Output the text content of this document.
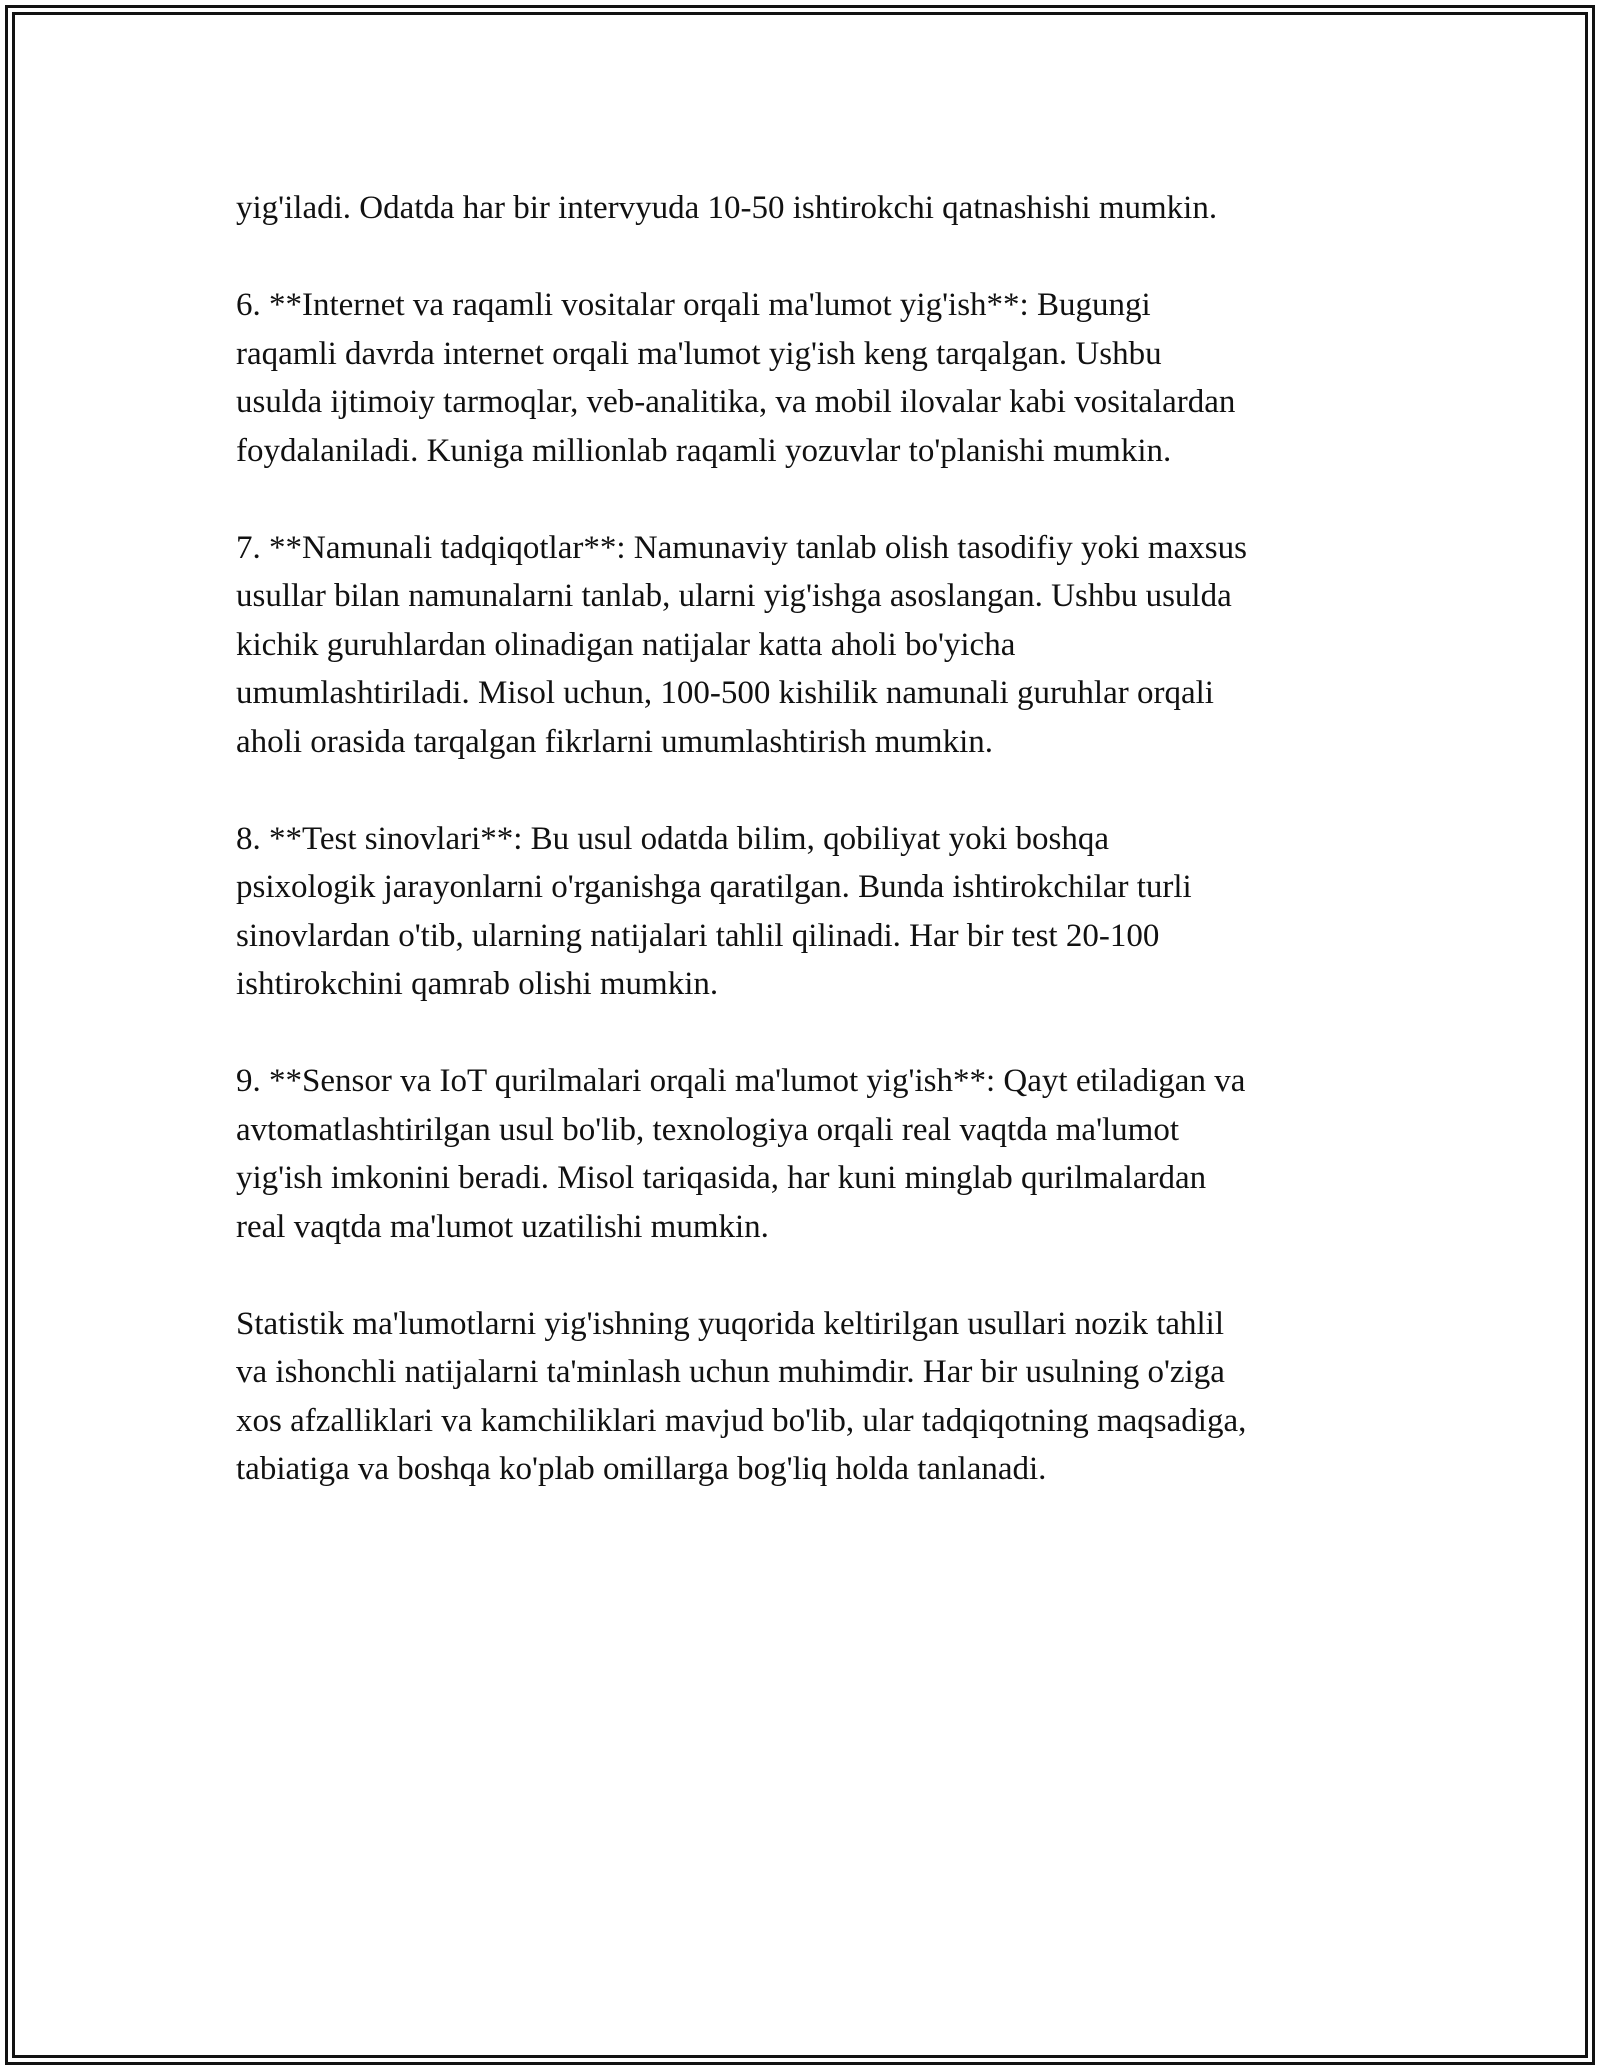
yig'iladi. Odatda har bir intervyuda 10-50 ishtirokchi qatnashishi mumkin.

6. **Internet va raqamli vositalar orqali ma'lumot yig'ish**: Bugungi
raqamli davrda internet orqali ma'lumot yig'ish keng tarqalgan. Ushbu
usulda ijtimoiy tarmoqlar, veb-analitika, va mobil ilovalar kabi vositalardan
foydalaniladi. Kuniga millionlab raqamli yozuvlar to'planishi mumkin.

7. **Namunali tadqiqotlar**: Namunaviy tanlab olish tasodifiy yoki maxsus
usullar bilan namunalarni tanlab, ularni yig'ishga asoslangan. Ushbu usulda
kichik guruhlardan olinadigan natijalar katta aholi bo'yicha
umumlashtiriladi. Misol uchun, 100-500 kishilik namunali guruhlar orqali
aholi orasida tarqalgan fikrlarni umumlashtirish mumkin.

8. **Test sinovlari**: Bu usul odatda bilim, qobiliyat yoki boshqa
psixologik jarayonlarni o'rganishga qaratilgan. Bunda ishtirokchilar turli
sinovlardan o'tib, ularning natijalari tahlil qilinadi. Har bir test 20-100
ishtirokchini qamrab olishi mumkin.

9. **Sensor va IoT qurilmalari orqali ma'lumot yig'ish**: Qayt etiladigan va
avtomatlashtirilgan usul bo'lib, texnologiya orqali real vaqtda ma'lumot
yig'ish imkonini beradi. Misol tariqasida, har kuni minglab qurilmalardan
real vaqtda ma'lumot uzatilishi mumkin.

Statistik ma'lumotlarni yig'ishning yuqorida keltirilgan usullari nozik tahlil
va ishonchli natijalarni ta'minlash uchun muhimdir. Har bir usulning o'ziga
xos afzalliklari va kamchiliklari mavjud bo'lib, ular tadqiqotning maqsadiga,
tabiatiga va boshqa ko'plab omillarga bog'liq holda tanlanadi.
